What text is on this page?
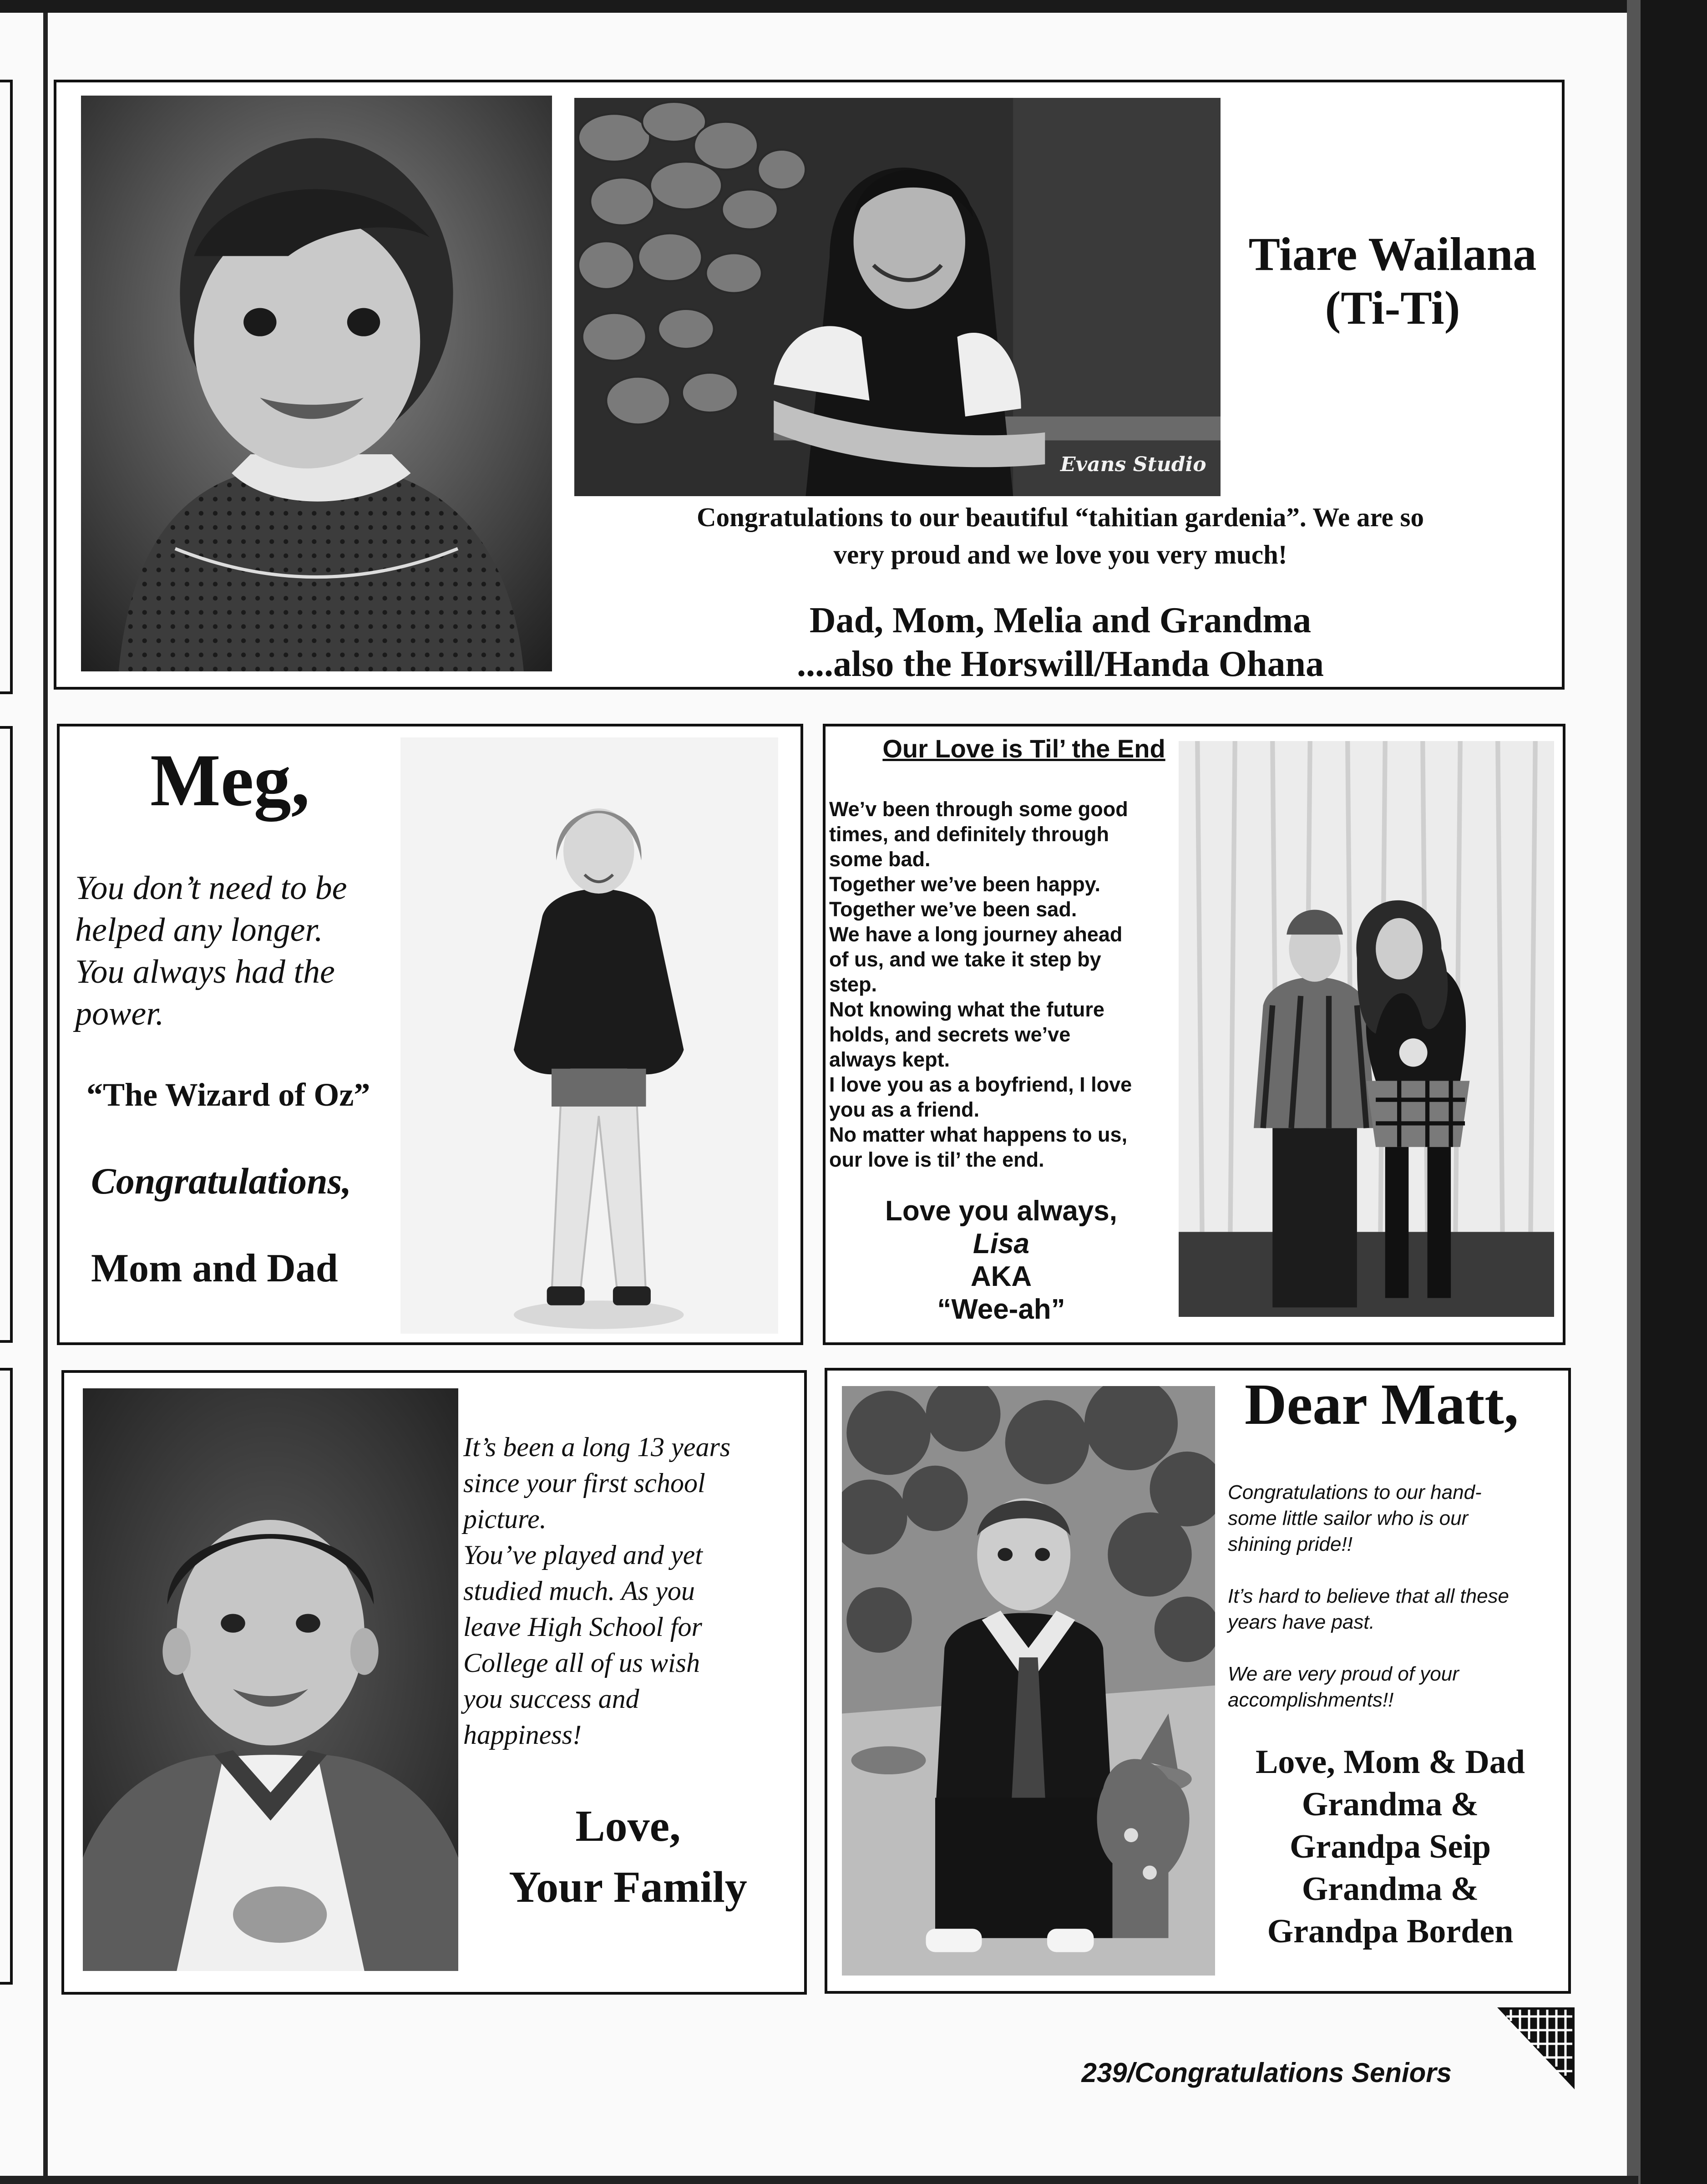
Evans Studio
Tiare Wailana
(Ti-Ti)
Congratulations to our beautiful “tahitian gardenia”. We are so
very proud and we love you very much!
Dad, Mom, Melia and Grandma
....also the Horswill/Handa Ohana
Meg,
You don’t need to be
helped any longer.
You always had the
power.
“The Wizard of Oz”
Congratulations,
Mom and Dad
Our Love is Til’ the End
We’v been through some good
times, and definitely through
some bad.
Together we’ve been happy.
Together we’ve been sad.
We have a long journey ahead
of us, and we take it step by
step.
Not knowing what the future
holds, and secrets we’ve
always kept.
I love you as a boyfriend, I love
you as a friend.
No matter what happens to us,
our love is til’ the end.
Love you always,
Lisa
AKA
“Wee-ah”
It’s been a long 13 years
since your first school
picture.
You’ve played and yet
studied much. As you
leave High School for
College all of us wish
you success and
happiness!
Love,
Your Family
Dear Matt,
Congratulations to our hand-
some little sailor who is our
shining pride!!
It’s hard to believe that all these
years have past.
We are very proud of your
accomplishments!!
Love, Mom & Dad
Grandma &
Grandpa Seip
Grandma &
Grandpa Borden
239/Congratulations Seniors
